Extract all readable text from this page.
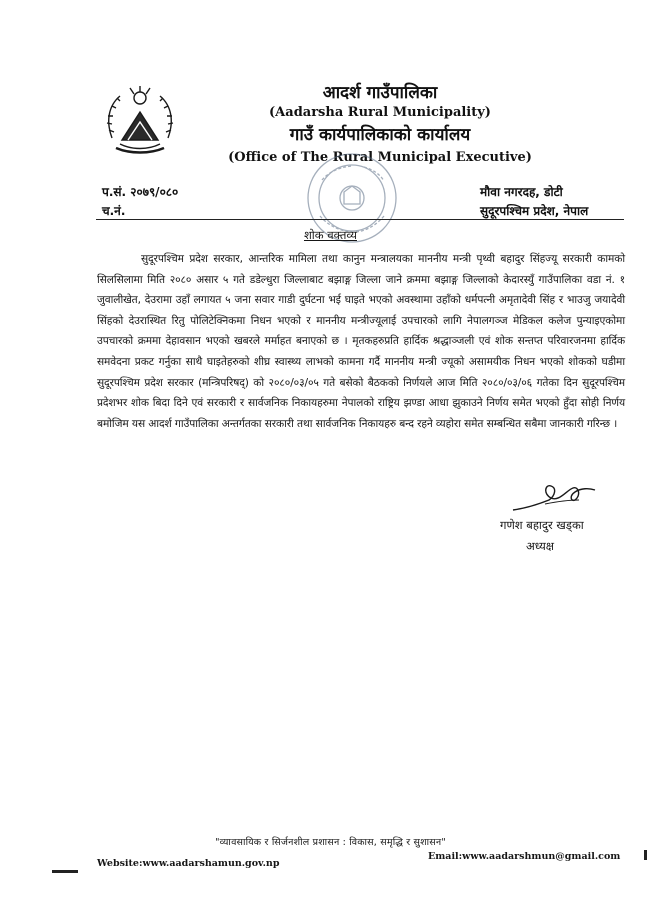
आदर्श गाउँपालिका
(Aadarsha Rural Municipality)
गाउँ कार्यपालिकाको कार्यालय
(Office of The Rural Municipal Executive)
प.सं. २०७९/०८०
च.नं.
मौवा नगरदह, डोटी
सुदूरपश्चिम प्रदेश, नेपाल
शोक वक्तव्य

सुदूरपश्चिम प्रदेश सरकार, आन्तरिक मामिला तथा कानुन मन्त्रालयका माननीय मन्त्री पृथ्वी बहादुर सिंहज्यू सरकारी कामको सिलसिलामा मिति २०८० असार ५ गते डडेल्धुरा जिल्लाबाट बझाङ्ग जिल्ला जाने क्रममा बझाङ्ग जिल्लाको केदारस्युँ गाउँपालिका वडा नं. १ जुवालीखेत, देउरामा उहाँ लगायत ५ जना सवार गाडी दुर्घटना भई घाइते भएको अवस्थामा उहाँको धर्मपत्नी अमृतादेवी सिंह र भाउजु जयादेवी सिंहको देउरास्थित रितु पोलिटेक्निकमा निधन भएको र माननीय मन्त्रीज्यूलाई उपचारको लागि नेपालगञ्ज मेडिकल कलेज पुन्याइएकोमा उपचारको क्रममा देहावसान भएको खबरले मर्माहत बनाएको छ । मृतकहरुप्रति हार्दिक श्रद्धाञ्जली एवं शोक सन्तप्त परिवारजनमा हार्दिक समवेदना प्रकट गर्नुका साथै घाइतेहरुको शीघ्र स्वास्थ्य लाभको कामना गर्दै माननीय मन्त्री ज्यूको असामयीक निधन भएको शोकको घडीमा सुदूरपश्चिम प्रदेश सरकार (मन्त्रिपरिषद्) को २०८०/०३/०५ गते बसेको बैठकको निर्णयले आज मिति २०८०/०३/०६ गतेका दिन सुदूरपश्चिम प्रदेशभर शोक बिदा दिने एवं सरकारी र सार्वजनिक निकायहरुमा नेपालको राष्ट्रिय झण्डा आधा झुकाउने निर्णय समेत भएको हुँदा सोही निर्णय बमोजिम यस आदर्श गाउँपालिका अन्तर्गतका सरकारी तथा सार्वजनिक निकायहरु बन्द रहने व्यहोरा समेत सम्बन्धित सबैमा जानकारी गरिन्छ ।

गणेश बहादुर खड्का
अध्यक्ष
"व्यावसायिक र सिर्जनशील प्रशासन : विकास, समृद्धि र सुशासन"
Website:www.aadarshamun.gov.np
Email:www.aadarshmun@gmail.com
